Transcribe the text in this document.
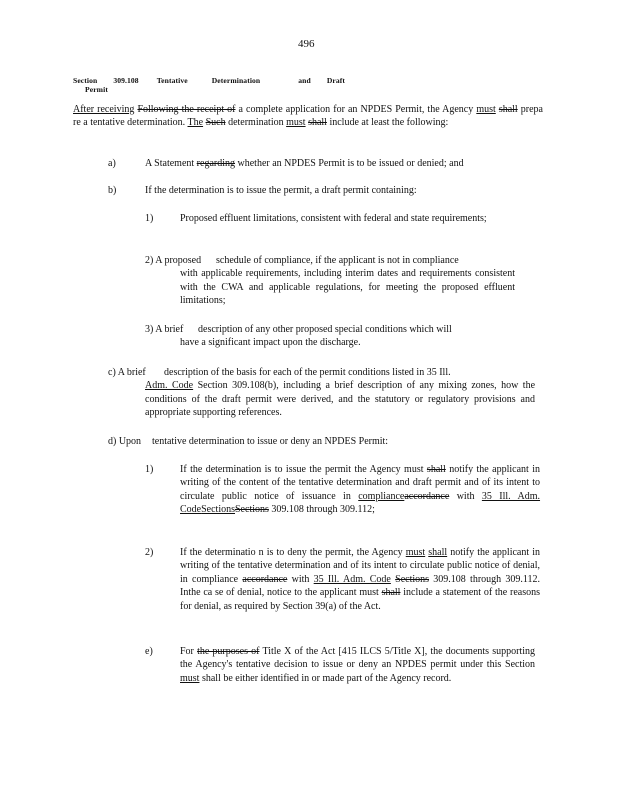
496
Section 309.108 Tentative	Determination	and Draft Permit
After receiving Following the receipt of a complete application for an NPDES Permit, the Agency must shall prepa re a tentative determination. The Such determination must shall include at least the following:
a)	A Statement regarding whether an NPDES Permit is to be issued or denied; and
b)	If the determination is to issue the permit, a draft permit containing:
1)	Proposed effluent limitations, consistent with federal and state requirements;
2) A proposed schedule of compliance, if the applicant is not in compliance
with applicable requirements, including interim dates and requirements consistent with the CWA and applicable regulations, for meeting the proposed effluent limitations;
3) A brief description of any other proposed special conditions which will
have a significant impact upon the discharge.
c) A brief description of the basis for each of the permit conditions listed in 35 Ill.
Adm. Code Section 309.108(b), including a brief description of any mixing zones, how the conditions of the draft permit were derived, and the statutory or regulatory provisions and appropriate supporting references.
d) Upon tentative determination to issue or deny an NPDES Permit:
1)	If the determination is to issue the permit the Agency must shall notify the applicant in writing of the content of the tentative determination and draft permit and of its intent to circulate public notice of issuance in complianceaccordance with 35 Ill. Adm. CodeSectionsSections 309.108 through 309.112;
2)	If the determinatio n is to deny the permit, the Agency must shall notify the applicant in writing of the tentative determination and of its intent to circulate public notice of denial, in compliance accordance with 35 Ill. Adm. Code Sections 309.108 through 309.112. Inthe ca se of denial, notice to the applicant must shall include a statement of the reasons for denial, as required by Section 39(a) of the Act.
e)	For the purposes of Title X of the Act [415 ILCS 5/Title X], the documents supporting the Agency's tentative decision to issue or deny an NPDES permit under this Section must shall be either identified in or made part of the Agency record.
